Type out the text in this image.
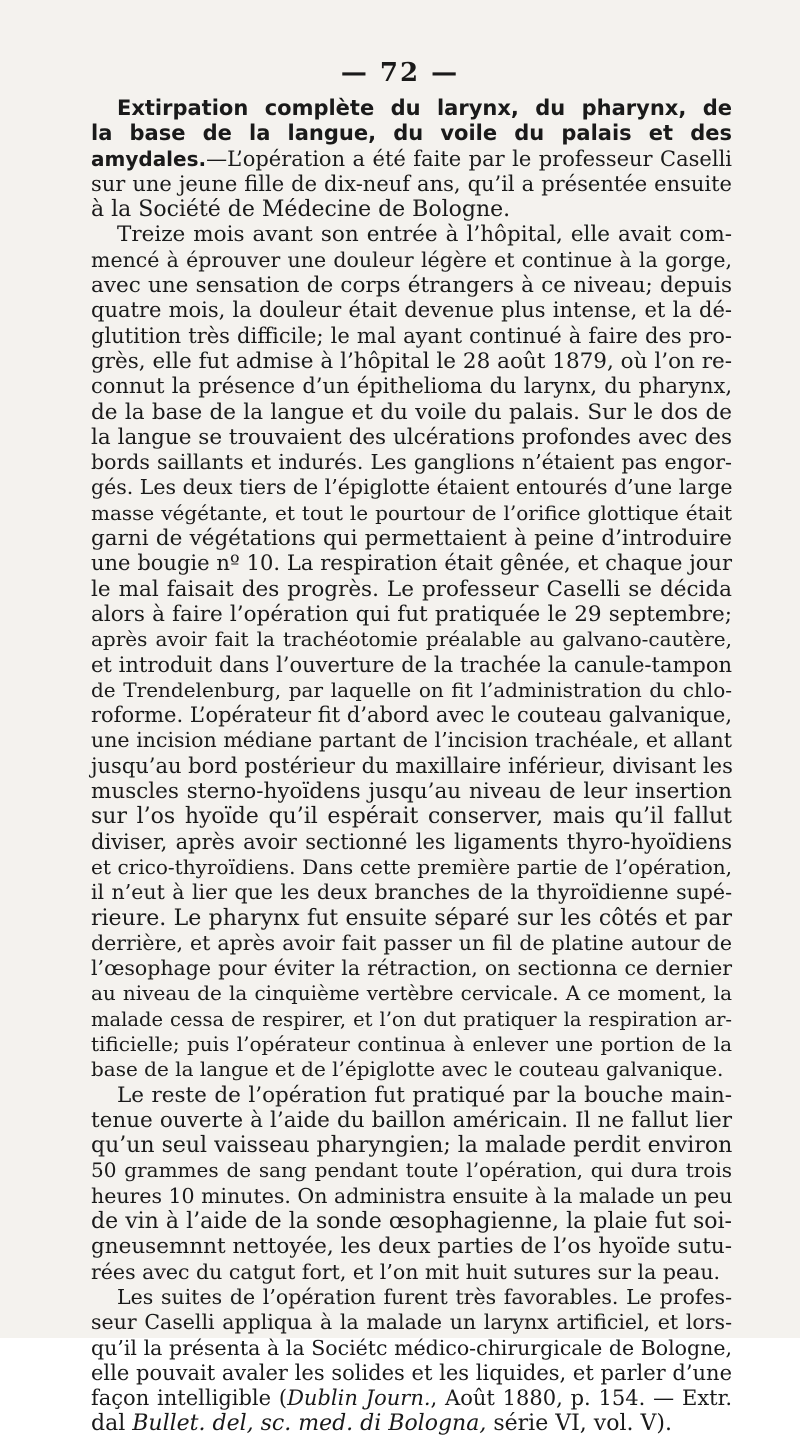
— 72 —
Extirpation complète du larynx, du pharynx, de
la base de la langue, du voile du palais et des
amydales.—L’opération a été faite par le professeur Caselli
sur une jeune fille de dix-neuf ans, qu’il a présentée ensuite
à la Société de Médecine de Bologne.
Treize mois avant son entrée à l’hôpital, elle avait com-
mencé à éprouver une douleur légère et continue à la gorge,
avec une sensation de corps étrangers à ce niveau; depuis
quatre mois, la douleur était devenue plus intense, et la dé-
glutition très difficile; le mal ayant continué à faire des pro-
grès, elle fut admise à l’hôpital le 28 août 1879, où l’on re-
connut la présence d’un épithelioma du larynx, du pharynx,
de la base de la langue et du voile du palais. Sur le dos de
la langue se trouvaient des ulcérations profondes avec des
bords saillants et indurés. Les ganglions n’étaient pas engor-
gés. Les deux tiers de l’épiglotte étaient entourés d’une large
masse végétante, et tout le pourtour de l’orifice glottique était
garni de végétations qui permettaient à peine d’introduire
une bougie nº 10. La respiration était gênée, et chaque jour
le mal faisait des progrès. Le professeur Caselli se décida
alors à faire l’opération qui fut pratiquée le 29 septembre;
après avoir fait la trachéotomie préalable au galvano-cautère,
et introduit dans l’ouverture de la trachée la canule-tampon
de Trendelenburg, par laquelle on fit l’administration du chlo-
roforme. L’opérateur fit d’abord avec le couteau galvanique,
une incision médiane partant de l’incision trachéale, et allant
jusqu’au bord postérieur du maxillaire inférieur, divisant les
muscles sterno-hyoïdens jusqu’au niveau de leur insertion
sur l’os hyoïde qu’il espérait conserver, mais qu’il fallut
diviser, après avoir sectionné les ligaments thyro-hyoïdiens
et crico-thyroïdiens. Dans cette première partie de l’opération,
il n’eut à lier que les deux branches de la thyroïdienne supé-
rieure. Le pharynx fut ensuite séparé sur les côtés et par
derrière, et après avoir fait passer un fil de platine autour de
l’œsophage pour éviter la rétraction, on sectionna ce dernier
au niveau de la cinquième vertèbre cervicale. A ce moment, la
malade cessa de respirer, et l’on dut pratiquer la respiration ar-
tificielle; puis l’opérateur continua à enlever une portion de la
base de la langue et de l’épiglotte avec le couteau galvanique.
Le reste de l’opération fut pratiqué par la bouche main-
tenue ouverte à l’aide du baillon américain. Il ne fallut lier
qu’un seul vaisseau pharyngien; la malade perdit environ
50 grammes de sang pendant toute l’opération, qui dura trois
heures 10 minutes. On administra ensuite à la malade un peu
de vin à l’aide de la sonde œsophagienne, la plaie fut soi-
gneusemnnt nettoyée, les deux parties de l’os hyoïde sutu-
rées avec du catgut fort, et l’on mit huit sutures sur la peau.
Les suites de l’opération furent très favorables. Le profes-
seur Caselli appliqua à la malade un larynx artificiel, et lors-
qu’il la présenta à la Sociétc médico-chirurgicale de Bologne,
elle pouvait avaler les solides et les liquides, et parler d’une
façon intelligible (Dublin Journ., Août 1880, p. 154. — Extr.
dal Bullet. del, sc. med. di Bologna, série VI, vol. V).
